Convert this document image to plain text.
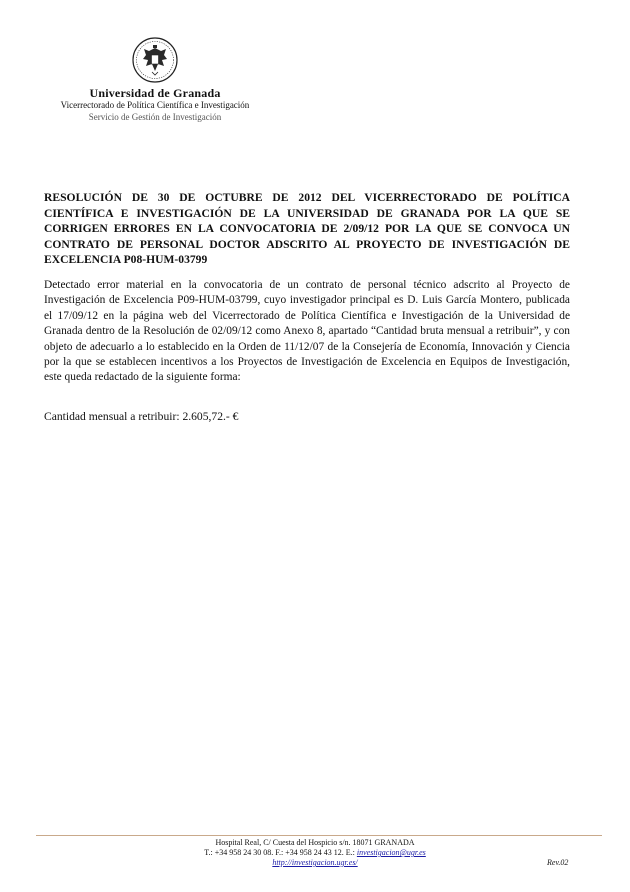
Universidad de Granada
Vicerrectorado de Política Científica e Investigación
Servicio de Gestión de Investigación
RESOLUCIÓN DE 30 DE OCTUBRE DE 2012 DEL VICERRECTORADO DE POLÍTICA CIENTÍFICA E INVESTIGACIÓN DE LA UNIVERSIDAD DE GRANADA POR LA QUE SE CORRIGEN ERRORES EN LA CONVOCATORIA DE 2/09/12 POR LA QUE SE CONVOCA UN CONTRATO DE PERSONAL DOCTOR ADSCRITO AL PROYECTO DE INVESTIGACIÓN DE EXCELENCIA P08-HUM-03799
Detectado error material en la convocatoria de un contrato de personal técnico adscrito al Proyecto de Investigación de Excelencia P09-HUM-03799, cuyo investigador principal es D. Luis García Montero, publicada el 17/09/12 en la página web del Vicerrectorado de Política Científica e Investigación de la Universidad de Granada dentro de la Resolución de 02/09/12 como Anexo 8, apartado “Cantidad bruta mensual a retribuir”, y con objeto de adecuarlo a lo establecido en la Orden de 11/12/07 de la Consejería de Economía, Innovación y Ciencia por la que se establecen incentivos a los Proyectos de Investigación de Excelencia en Equipos de Investigación, este queda redactado de la siguiente forma:
Cantidad mensual a retribuir: 2.605,72.- €
Hospital Real, C/ Cuesta del Hospicio s/n. 18071 GRANADA
T.: +34 958 24 30 08. F.: +34 958 24 43 12. E.: investigacion@ugr.es
http://investigacion.ugr.es/	Rev.02
